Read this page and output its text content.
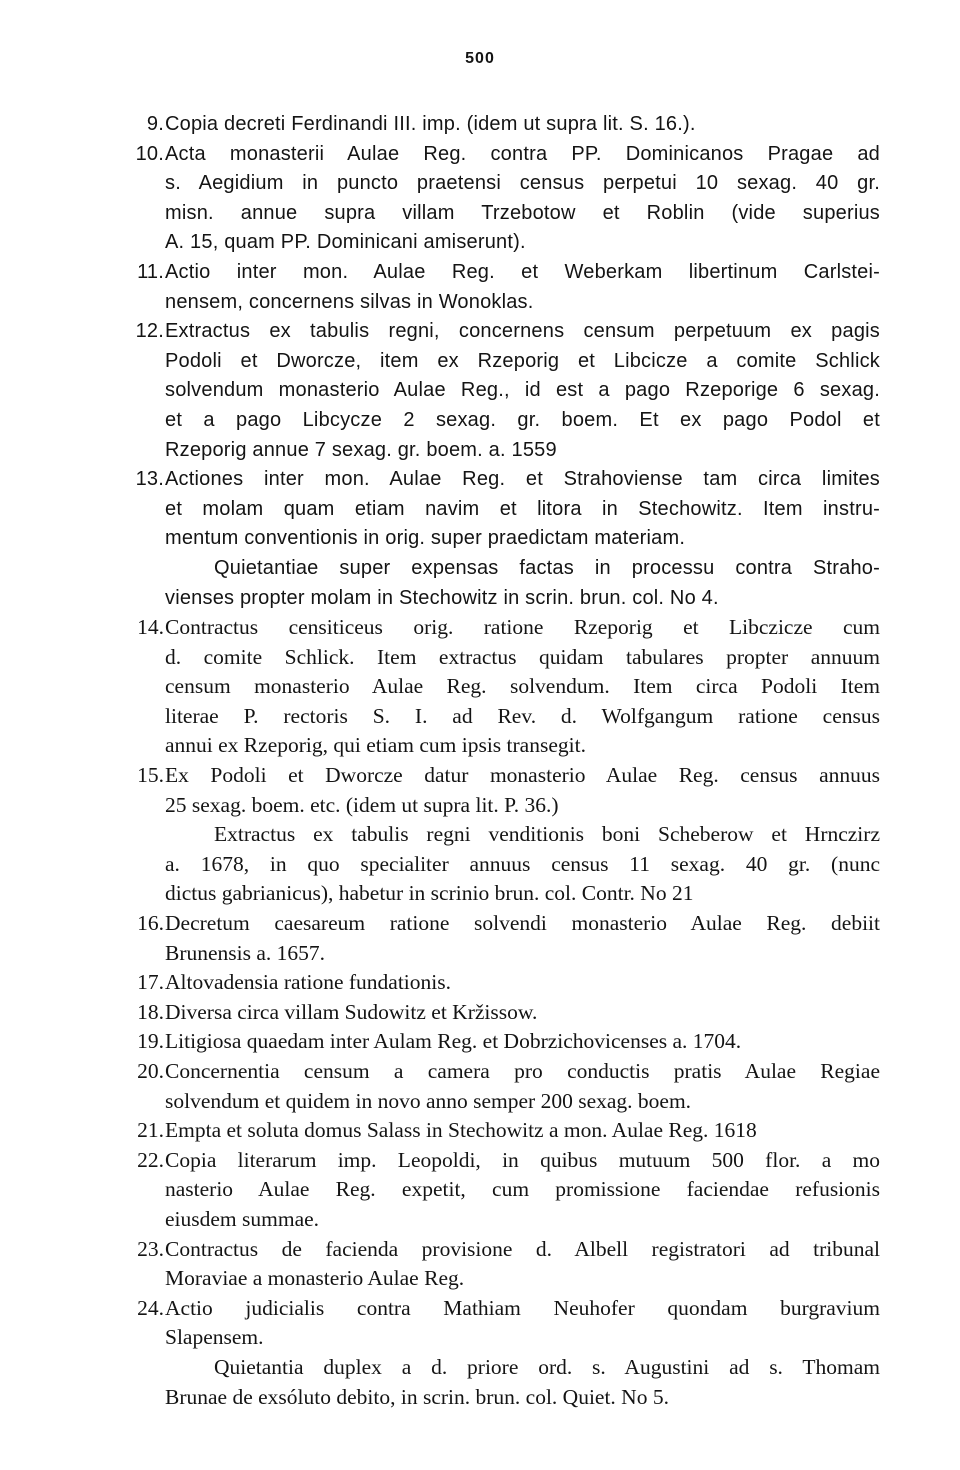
500
9. Copia decreti Ferdinandi III. imp. (idem ut supra lit. S. 16.).
10. Acta monasterii Aulae Reg. contra PP. Dominicanos Pragae ad
s. Aegidium in puncto praetensi census perpetui 10 sexag. 40 gr.
misn. annue supra villam Trzebotow et Roblin (vide superius
A. 15, quam PP. Dominicani amiserunt).
11. Actio inter mon. Aulae Reg. et Weberkam libertinum Carlstei-
nensem, concernens silvas in Wonoklas.
12. Extractus ex tabulis regni, concernens censum perpetuum ex pagis
Podoli et Dworcze, item ex Rzeporig et Libcicze a comite Schlick
solvendum monasterio Aulae Reg., id est a pago Rzeporige 6 sexag.
et a pago Libcycze 2 sexag. gr. boem. Et ex pago Podol et
Rzeporig annue 7 sexag. gr. boem. a. 1559
13. Actiones inter mon. Aulae Reg. et Strahoviense tam circa limites
et molam quam etiam navim et litora in Stechowitz. Item instru-
mentum conventionis in orig. super praedictam materiam.
Quietantiae super expensas factas in processu contra Straho-
vienses propter molam in Stechowitz in scrin. brun. col. No 4.
14. Contractus censiticeus orig. ratione Rzeporig et Libczicze cum
d. comite Schlick. Item extractus quidam tabulares propter annuum
censum monasterio Aulae Reg. solvendum. Item circa Podoli Item
literae P. rectoris S. I. ad Rev. d. Wolfgangum ratione census
annui ex Rzeporig, qui etiam cum ipsis transegit.
15. Ex Podoli et Dworcze datur monasterio Aulae Reg. census annuus
25 sexag. boem. etc. (idem ut supra lit. P. 36.)
Extractus ex tabulis regni venditionis boni Scheberow et Hrnczirz
a. 1678, in quo specialiter annuus census 11 sexag. 40 gr. (nunc
dictus gabrianicus), habetur in scrinio brun. col. Contr. No 21
16. Decretum caesareum ratione solvendi monasterio Aulae Reg. debiit
Brunensis a. 1657.
17. Altovadensia ratione fundationis.
18. Diversa circa villam Sudowitz et Kržissow.
19. Litigiosa quaedam inter Aulam Reg. et Dobrzichovicenses a. 1704.
20. Concernentia censum a camera pro conductis pratis Aulae Regiae
solvendum et quidem in novo anno semper 200 sexag. boem.
21. Empta et soluta domus Salass in Stechowitz a mon. Aulae Reg. 1618
22. Copia literarum imp. Leopoldi, in quibus mutuum 500 flor. a mo
nasterio Aulae Reg. expetit, cum promissione faciendae refusionis
eiusdem summae.
23. Contractus de facienda provisione d. Albell registratori ad tribunal
Moraviae a monasterio Aulae Reg.
24. Actio judicialis contra Mathiam Neuhofer quondam burgravium
Slapensem.
Quietantia duplex a d. priore ord. s. Augustini ad s. Thomam
Brunae de exsóluto debito, in scrin. brun. col. Quiet. No 5.
